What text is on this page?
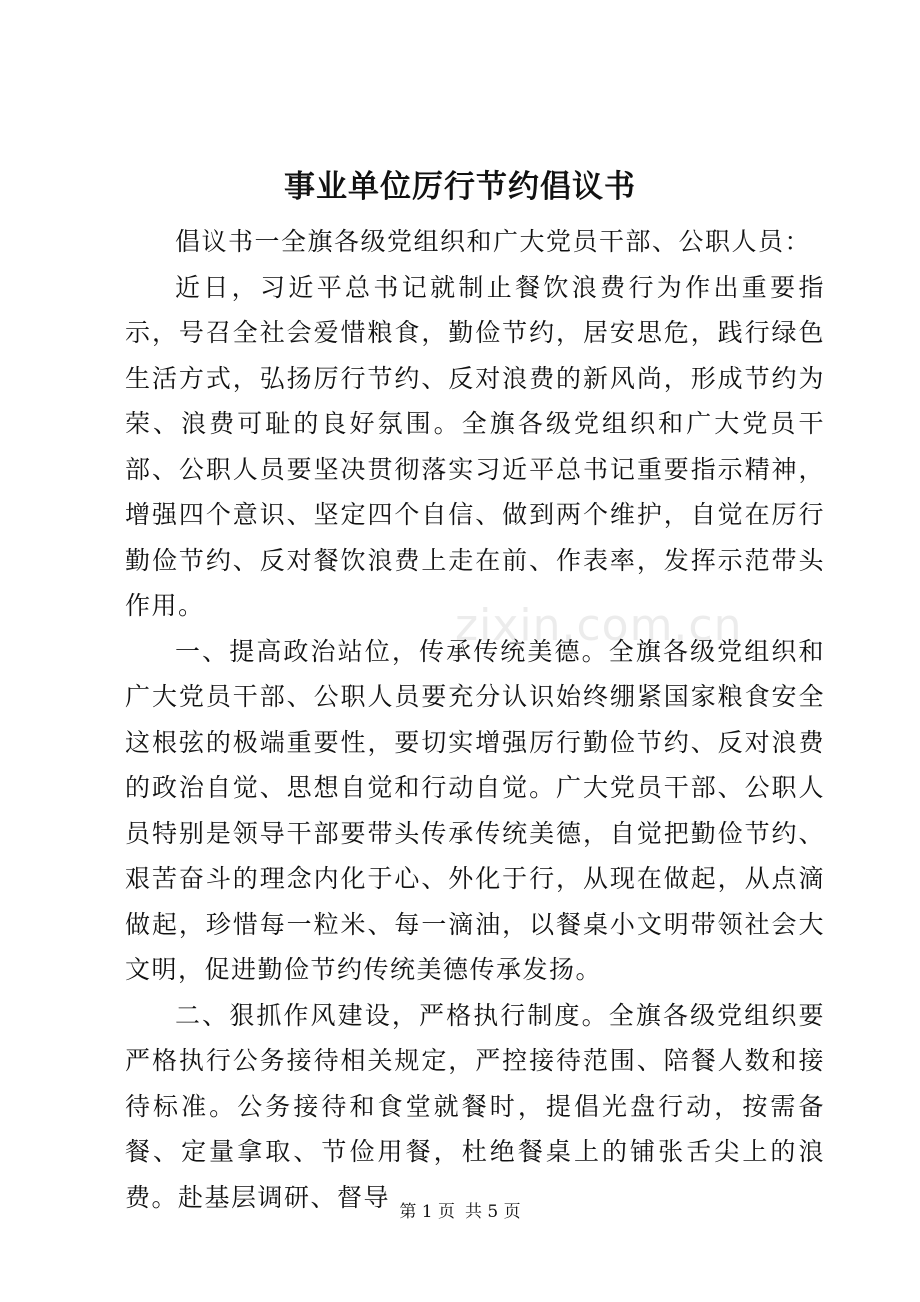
事业单位厉行节约倡议书

倡议书一全旗各级党组织和广大党员干部、公职人员：

近日，习近平总书记就制止餐饮浪费行为作出重要指示，号召全社会爱惜粮食，勤俭节约，居安思危，践行绿色生活方式，弘扬厉行节约、反对浪费的新风尚，形成节约为荣、浪费可耻的良好氛围。全旗各级党组织和广大党员干部、公职人员要坚决贯彻落实习近平总书记重要指示精神，增强四个意识、坚定四个自信、做到两个维护，自觉在厉行勤俭节约、反对餐饮浪费上走在前、作表率，发挥示范带头作用。

一、提高政治站位，传承传统美德。全旗各级党组织和广大党员干部、公职人员要充分认识始终绷紧国家粮食安全这根弦的极端重要性，要切实增强厉行勤俭节约、反对浪费的政治自觉、思想自觉和行动自觉。广大党员干部、公职人员特别是领导干部要带头传承传统美德，自觉把勤俭节约、艰苦奋斗的理念内化于心、外化于行，从现在做起，从点滴做起，珍惜每一粒米、每一滴油，以餐桌小文明带领社会大文明，促进勤俭节约传统美德传承发扬。

二、狠抓作风建设，严格执行制度。全旗各级党组织要严格执行公务接待相关规定，严控接待范围、陪餐人数和接待标准。公务接待和食堂就餐时，提倡光盘行动，按需备餐、定量拿取、节俭用餐，杜绝餐桌上的铺张舌尖上的浪费。赴基层调研、督导

zixin.com.cn
第 1 页 共 5 页
